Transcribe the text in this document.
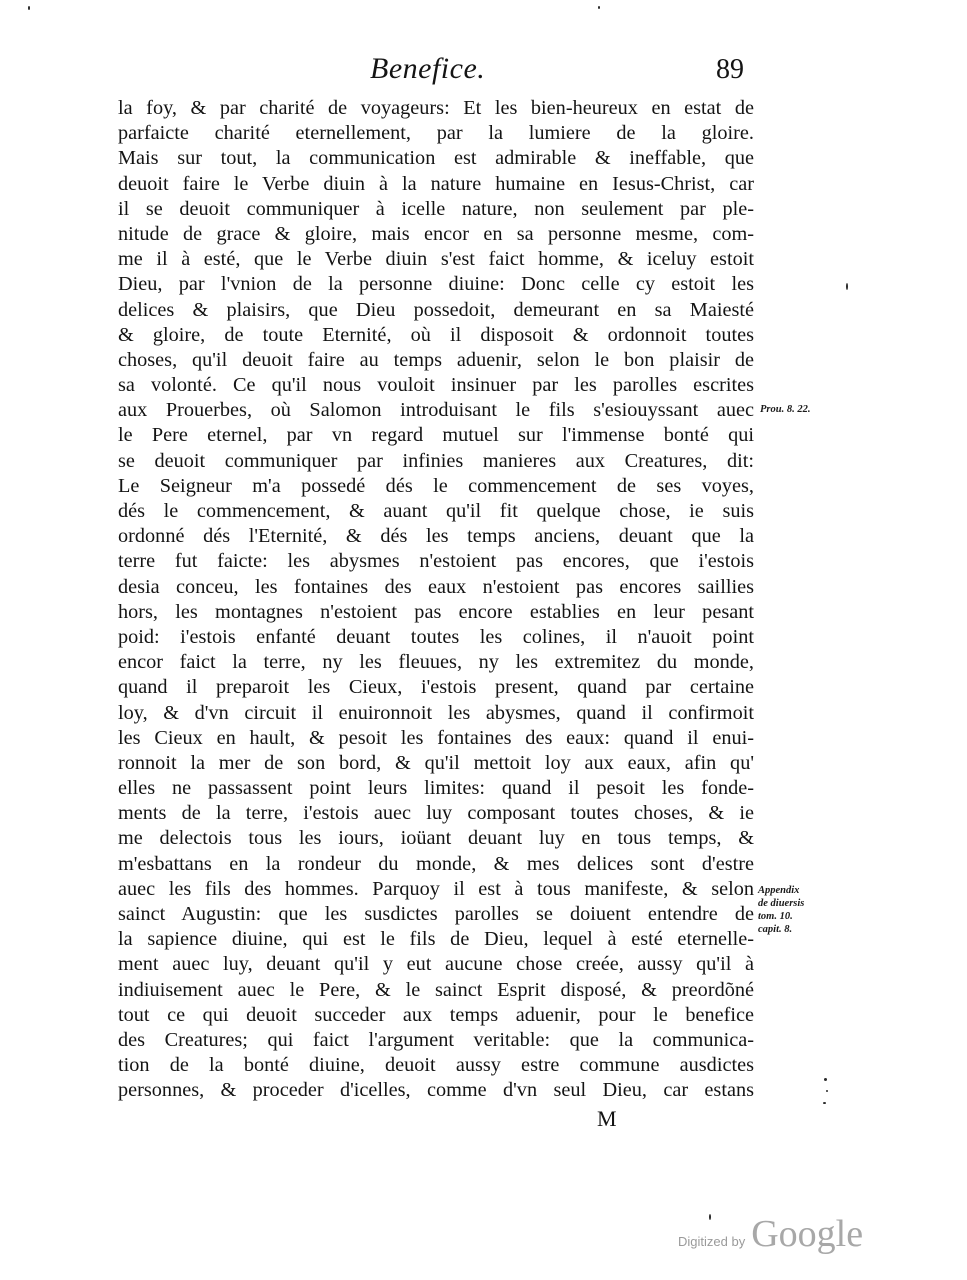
Benefice.	89
la foy, & par charité de voyageurs: Et les bien-heureux en estat de
parfaicte charité eternellement, par la lumiere de la gloire.
Mais sur tout, la communication est admirable & ineffable, que
deuoit faire le Verbe diuin à la nature humaine en Iesus-Christ, car
il se deuoit communiquer à icelle nature, non seulement par ple-
nitude de grace & gloire, mais encor en sa personne mesme, com-
me il à esté, que le Verbe diuin s'est faict homme, & iceluy estoit
Dieu, par l'vnion de la personne diuine: Donc celle cy estoit les
delices & plaisirs, que Dieu possedoit, demeurant en sa Maiesté
& gloire, de toute Eternité, où il disposoit & ordonnoit toutes
choses, qu'il deuoit faire au temps aduenir, selon le bon plaisir de
sa volonté. Ce qu'il nous vouloit insinuer par les parolles escrites
aux Prouerbes, où Salomon introduisant le fils s'esiouyssant auec
le Pere eternel, par vn regard mutuel sur l'immense bonté qui
se deuoit communiquer par infinies manieres aux Creatures, dit:
Le Seigneur m'a possedé dés le commencement de ses voyes,
dés le commencement, & auant qu'il fit quelque chose, ie suis
ordonné dés l'Eternité, & dés les temps anciens, deuant que la
terre fut faicte: les abysmes n'estoient pas encores, que i'estois
desia conceu, les fontaines des eaux n'estoient pas encores saillies
hors, les montagnes n'estoient pas encore establies en leur pesant
poid: i'estois enfanté deuant toutes les colines, il n'auoit point
encor faict la terre, ny les fleuues, ny les extremitez du monde,
quand il preparoit les Cieux, i'estois present, quand par certaine
loy, & d'vn circuit il enuironnoit les abysmes, quand il confirmoit
les Cieux en hault, & pesoit les fontaines des eaux: quand il enui-
ronnoit la mer de son bord, & qu'il mettoit loy aux eaux, afin qu'
elles ne passassent point leurs limites: quand il pesoit les fonde-
ments de la terre, i'estois auec luy composant toutes choses, & ie
me delectois tous les iours, ioüant deuant luy en tous temps, &
m'esbattans en la rondeur du monde, & mes delices sont d'estre
auec les fils des hommes. Parquoy il est à tous manifeste, & selon
sainct Augustin: que les susdictes parolles se doiuent entendre de
la sapience diuine, qui est le fils de Dieu, lequel à esté eternelle-
ment auec luy, deuant qu'il y eut aucune chose creée, aussy qu'il à
indiuisement auec le Pere, & le sainct Esprit disposé, & preordõné
tout ce qui deuoit succeder aux temps aduenir, pour le benefice
des Creatures; qui faict l'argument veritable: que la communica-
tion de la bonté diuine, deuoit aussy estre commune ausdictes
personnes, & proceder d'icelles, comme d'vn seul Dieu, car estans
Prou. 8. 22.
Appendix
de diuersis
tom. 10.
capit. 8.
M
Digitized by Google
